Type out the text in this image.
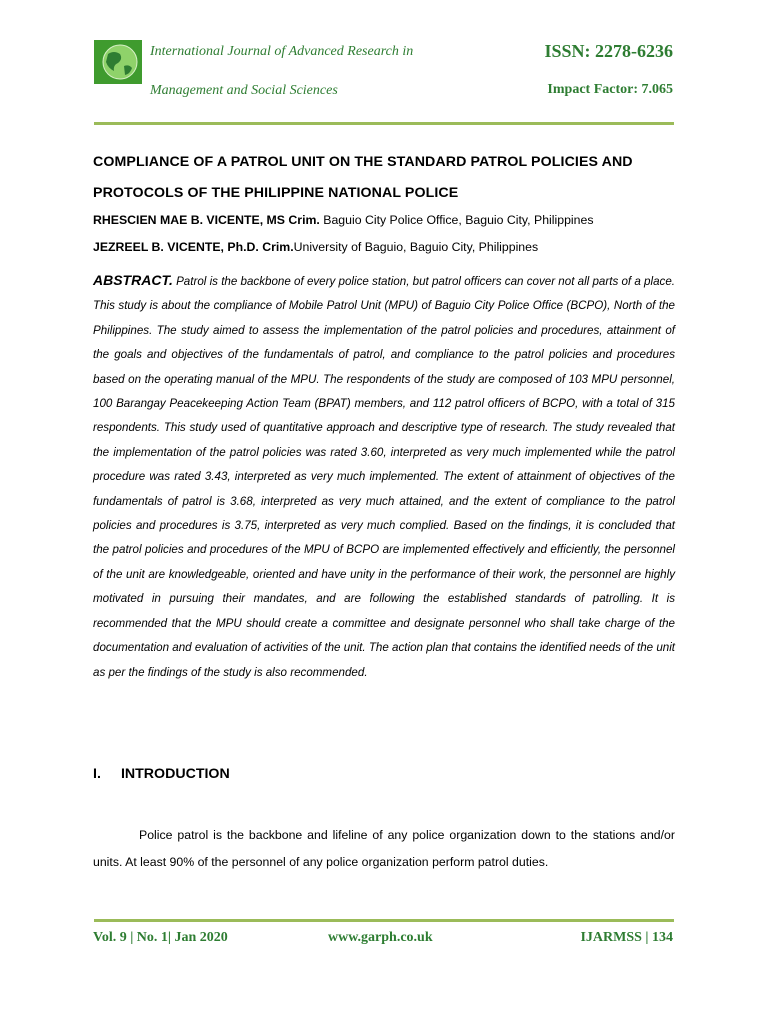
International Journal of Advanced Research in
Management and Social Sciences
ISSN: 2278-6236
Impact Factor: 7.065
COMPLIANCE OF A PATROL UNIT ON THE STANDARD PATROL POLICIES AND PROTOCOLS OF THE PHILIPPINE NATIONAL POLICE
RHESCIEN MAE B. VICENTE, MS Crim. Baguio City Police Office, Baguio City, Philippines
JEZREEL B. VICENTE, Ph.D. Crim.University of Baguio, Baguio City, Philippines

ABSTRACT. Patrol is the backbone of every police station, but patrol officers can cover not all parts of a place. This study is about the compliance of Mobile Patrol Unit (MPU) of Baguio City Police Office (BCPO), North of the Philippines. The study aimed to assess the implementation of the patrol policies and procedures, attainment of the goals and objectives of the fundamentals of patrol, and compliance to the patrol policies and procedures based on the operating manual of the MPU. The respondents of the study are composed of 103 MPU personnel, 100 Barangay Peacekeeping Action Team (BPAT) members, and 112 patrol officers of BCPO, with a total of 315 respondents. This study used of quantitative approach and descriptive type of research. The study revealed that the implementation of the patrol policies was rated 3.60, interpreted as very much implemented while the patrol procedure was rated 3.43, interpreted as very much implemented. The extent of attainment of objectives of the fundamentals of patrol is 3.68, interpreted as very much attained, and the extent of compliance to the patrol policies and procedures is 3.75, interpreted as very much complied. Based on the findings, it is concluded that the patrol policies and procedures of the MPU of BCPO are implemented effectively and efficiently, the personnel of the unit are knowledgeable, oriented and have unity in the performance of their work, the personnel are highly motivated in pursuing their mandates, and are following the established standards of patrolling. It is recommended that the MPU should create a committee and designate personnel who shall take charge of the documentation and evaluation of activities of the unit. The action plan that contains the identified needs of the unit as per the findings of the study is also recommended.

I. INTRODUCTION

Police patrol is the backbone and lifeline of any police organization down to the stations and/or units. At least 90% of the personnel of any police organization perform patrol duties.

Vol. 9 | No. 1| Jan 2020	www.garph.co.uk	IJARMSS | 134
